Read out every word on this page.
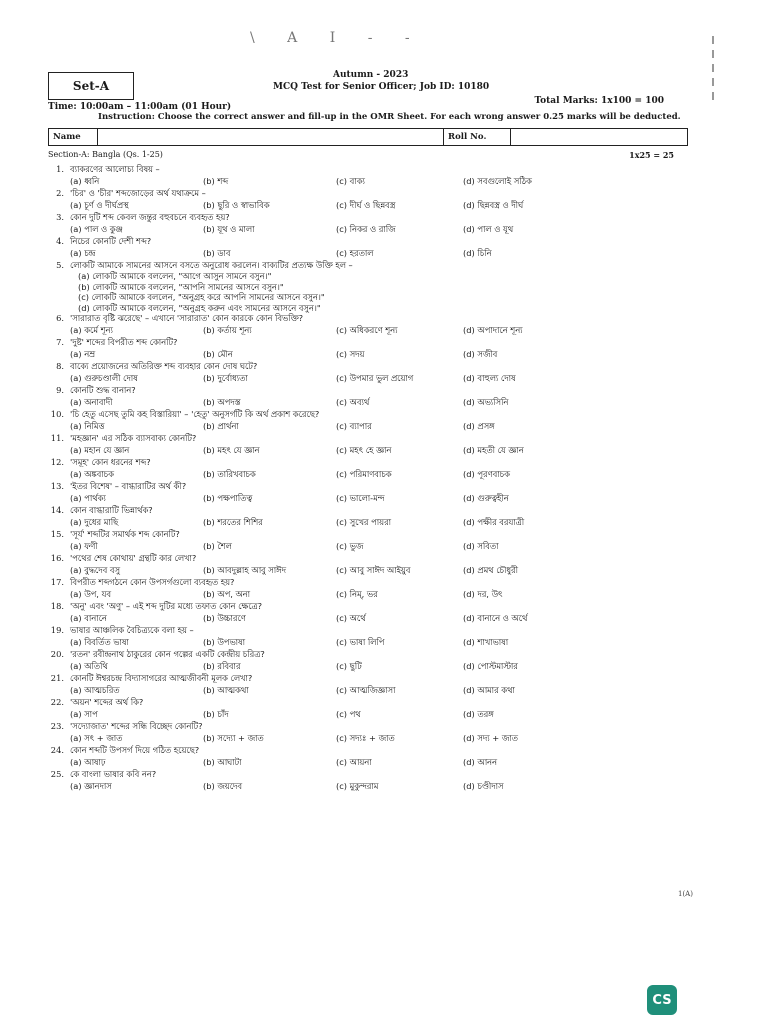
\ A I - -
Set-A
Autumn - 2023
MCQ Test for Senior Officer; Job ID: 10180
Time: 10:00am – 11:00am (01 Hour)
Total Marks: 1x100 = 100
Instruction: Choose the correct answer and fill-up in the OMR Sheet. For each wrong answer 0.25 marks will be deducted.
Name	Roll No.
Section-A: Bangla (Qs. 1-25)	1x25 = 25
1. ব্যাকরণের আলোচ্য বিষয় –
(a) ধ্বনি	(b) শব্দ	(c) বাক্য	(d) সবগুলোই সঠিক
2. 'চির' ও 'চীর' শব্দজোড়ের অর্থ যথাক্রমে –
(a) চূর্ণ ও দীর্ঘপ্রস্থ	(b) ছুরি ও স্বাভাবিক	(c) দীর্ঘ ও ছিন্নবস্ত্র	(d) ছিন্নবস্ত্র ও দীর্ঘ
3. কোন দুটি শব্দ কেবল জন্তুর বহুবচনে ব্যবহৃত হয়?
(a) পাল ও কুঞ্জ	(b) যূথ ও মালা	(c) নিকর ও রাজি	(d) পাল ও যূথ
4. নিচের কোনটি দেশী শব্দ?
(a) চন্দ্র	(b) ডাব	(c) হরতাল	(d) চিনি
5. লোকটি আমাকে সামনের আসনে বসতে অনুরোধ করলেন। বাক্যটির প্রত্যক্ষ উক্তি হল –
(a) লোকটি আমাকে বললেন, "আগে আসুন সামনে বসুন।"
(b) লোকটি আমাকে বললেন, "আপনি সামনের আসনে বসুন।"
(c) লোকটি আমাকে বললেন, "অনুগ্রহ করে আপনি সামনের আসনে বসুন।"
(d) লোকটি আমাকে বললেন, "অনুগ্রহ করুন এবং সামনের আসনে বসুন।"
6. 'সারারাত বৃষ্টি ঝরেছে' – এখানে 'সারারাত' কোন কারকে কোন বিভক্তি?
(a) কর্মে শূন্য	(b) কর্তায় শূন্য	(c) অধিকরণে শূন্য	(d) অপাদানে শূন্য
7. 'দুষ্ট' শব্দের বিপরীত শব্দ কোনটি?
(a) নম্র	(b) মৌন	(c) সদয়	(d) সজীব
8. বাক্যে প্রয়োজনের অতিরিক্ত শব্দ ব্যবহার কোন দোষ ঘটে?
(a) গুরুচণ্ডালী দোষ	(b) দুর্বোধ্যতা	(c) উপমার ভুল প্রয়োগ	(d) বাহুল্য দোষ
9. কোনটি শুদ্ধ বানান?
(a) অনাবাদী	(b) অপদস্ত	(c) অব্যর্থ	(d) অভ্যসিনি
10. 'চি হেতু এসেছ তুমি কহ বিস্তারিয়া' – 'হেতু' অনুসর্গটি কি অর্থ প্রকাশ করেছে?
(a) নিমিত্ত	(b) প্রার্থনা	(c) ব্যাপার	(d) প্রসঙ্গ
11. 'মহজ্ঞান' এর সঠিক ব্যাসবাক্য কোনটি?
(a) মহান যে জ্ঞান	(b) মহৎ যে জ্ঞান	(c) মহৎ হে জ্ঞান	(d) মহতী যে জ্ঞান
12. 'সমূহ' কোন ধরনের শব্দ?
(a) অঙ্কবাচক	(b) তারিখবাচক	(c) পরিমাণবাচক	(d) পূরণবাচক
13. 'ইতর বিশেষ' – বাগ্ধারাটির অর্থ কী?
(a) পার্থক্য	(b) পক্ষপাতিত্ব	(c) ভালো-মন্দ	(d) গুরুত্বহীন
14. কোন বাগ্ধারাটি ভিন্নার্থক?
(a) দুধের মাছি	(b) শরতের শিশির	(c) সুখের পায়রা	(d) পক্ষীর বরযাত্রী
15. 'সূর্য' শব্দটির সমার্থক শব্দ কোনটি?
(a) ফণী	(b) শৈল	(c) ভুজ	(d) সবিতা
16. 'পথের শেষ কোথায়' গ্রন্থটি কার লেখা?
(a) বুদ্ধদেব বসু	(b) আবদুল্লাহ আবু সাঈদ	(c) আবু সাঈদ আইয়ুব	(d) প্রমথ চৌধুরী
17. বিপরীত শব্দগঠনে কোন উপসর্গগুলো ব্যবহৃত হয়?
(a) উপ, যব	(b) অপ, অনা	(c) নিম্, ভর	(d) দর, উৎ
18. 'অনু' এবং 'অণু' – এই শব্দ দুটির মধ্যে তফাত কোন ক্ষেত্রে?
(a) বানানে	(b) উচ্চারণে	(c) অর্থে	(d) বানানে ও অর্থে
19. ভাষার আঞ্চলিক বৈচিত্র্যকে বলা হয় –
(a) বিবর্তিত ভাষা	(b) উপভাষা	(c) ভাষা লিপি	(d) শাখাভাষা
20. 'রতন' রবীন্দ্রনাথ ঠাকুরের কোন গল্পের একটি কেন্দ্রীয় চরিত্র?
(a) অতিথি	(b) রবিবার	(c) ছুটি	(d) পোস্টমাস্টার
21. কোনটি ঈশ্বরচন্দ্র বিদ্যাসাগরের আত্মজীবনী মূলক লেখা?
(a) আত্মচরিত	(b) আত্মকথা	(c) আত্মজিজ্ঞাসা	(d) আমার কথা
22. 'অয়ন' শব্দের অর্থ কি?
(a) সাপ	(b) চাঁদ	(c) পথ	(d) তরঙ্গ
23. 'সদ্যোজাত' শব্দের সন্ধি বিচ্ছেদ কোনটি?
(a) সৎ + জাত	(b) সদ্যো + জাত	(c) সদ্যঃ + জাত	(d) সদ্য + জাত
24. কোন শব্দটি উপসর্গ দিয়ে গঠিত হয়েছে?
(a) আষাঢ়	(b) আঘাটা	(c) আয়না	(d) আনন
25. কে বাংলা ভাষার কবি নন?
(a) জ্ঞানদাস	(b) জয়দেব	(c) মুকুন্দরাম	(d) চণ্ডীদাস
1(A)
CS
